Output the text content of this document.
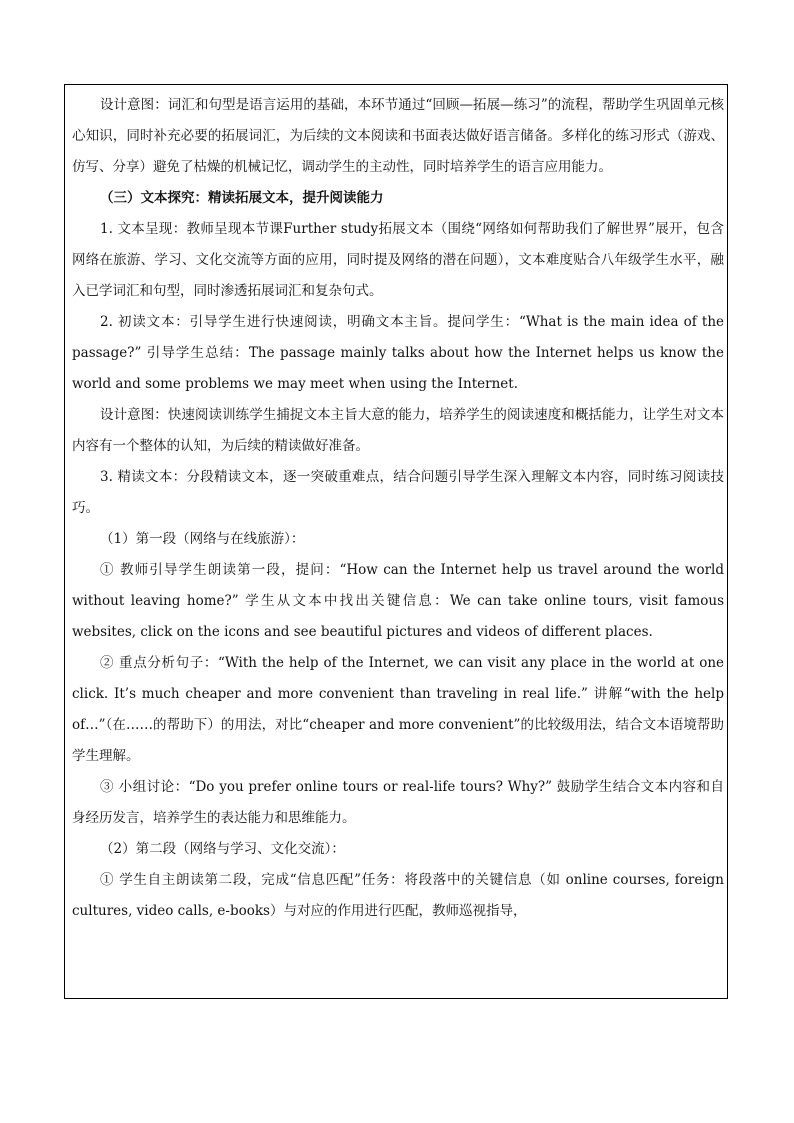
设计意图：词汇和句型是语言运用的基础，本环节通过“回顾—拓展—练习”的流程，帮助学生巩固单元核心知识，同时补充必要的拓展词汇，为后续的文本阅读和书面表达做好语言储备。多样化的练习形式（游戏、仿写、分享）避免了枯燥的机械记忆，调动学生的主动性，同时培养学生的语言应用能力。

（三）文本探究：精读拓展文本，提升阅读能力

1. 文本呈现：教师呈现本节课Further study拓展文本（围绕“网络如何帮助我们了解世界”展开，包含网络在旅游、学习、文化交流等方面的应用，同时提及网络的潜在问题），文本难度贴合八年级学生水平，融入已学词汇和句型，同时渗透拓展词汇和复杂句式。

2. 初读文本：引导学生进行快速阅读，明确文本主旨。提问学生：“What is the main idea of the passage?” 引导学生总结：The passage mainly talks about how the Internet helps us know the world and some problems we may meet when using the Internet.

设计意图：快速阅读训练学生捕捉文本主旨大意的能力，培养学生的阅读速度和概括能力，让学生对文本内容有一个整体的认知，为后续的精读做好准备。

3. 精读文本：分段精读文本，逐一突破重难点，结合问题引导学生深入理解文本内容，同时练习阅读技巧。

（1）第一段（网络与在线旅游）：

① 教师引导学生朗读第一段，提问：“How can the Internet help us travel around the world without leaving home?” 学生从文本中找出关键信息：We can take online tours, visit famous websites, click on the icons and see beautiful pictures and videos of different places.

② 重点分析句子：“With the help of the Internet, we can visit any place in the world at one click. It’s much cheaper and more convenient than traveling in real life.” 讲解“with the help of…”（在……的帮助下）的用法，对比“cheaper and more convenient”的比较级用法，结合文本语境帮助学生理解。

③ 小组讨论：“Do you prefer online tours or real-life tours? Why?” 鼓励学生结合文本内容和自身经历发言，培养学生的表达能力和思维能力。

（2）第二段（网络与学习、文化交流）：

① 学生自主朗读第二段，完成“信息匹配”任务：将段落中的关键信息（如 online courses, foreign cultures, video calls, e-books）与对应的作用进行匹配，教师巡视指导，
